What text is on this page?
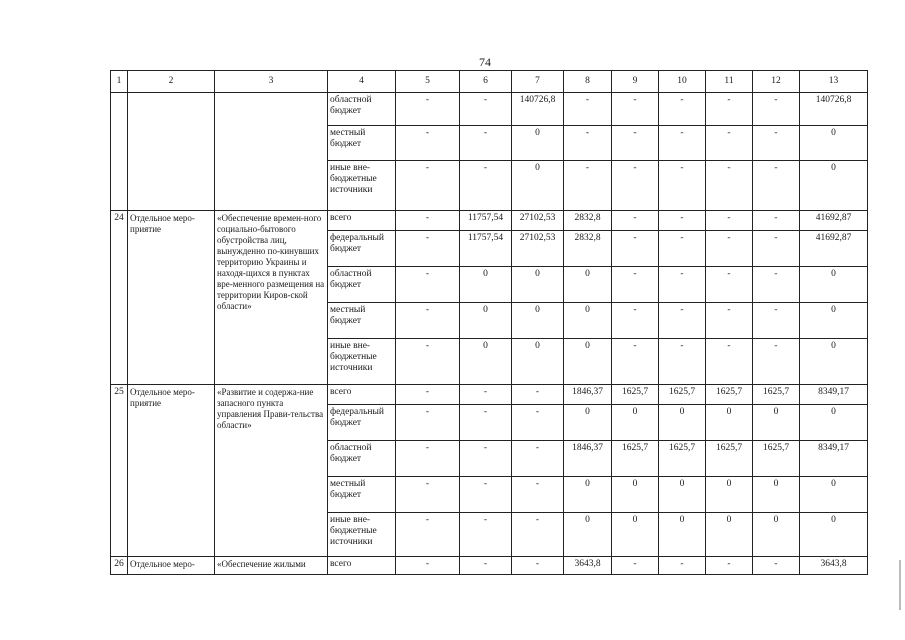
74
1	2	3	4	5	6	7	8	9	10	11	12	13
			областной бюджет	-	-	140726,8	-	-	-	-	-	140726,8
			местный бюджет	-	-	0	-	-	-	-	-	0
			иные вне-бюджетные источники	-	-	0	-	-	-	-	-	0
24	Отдельное меро-приятие	«Обеспечение времен-ного социально-бытового обустройства лиц, вынужденно по-кинувших территорию Украины и находя-щихся в пунктах вре-менного размещения на территории Киров-ской области»	всего	-	11757,54	27102,53	2832,8	-	-	-	-	41692,87
			федеральный бюджет	-	11757,54	27102,53	2832,8	-	-	-	-	41692,87
			областной бюджет	-	0	0	0	-	-	-	-	0
			местный бюджет	-	0	0	0	-	-	-	-	0
			иные вне-бюджетные источники	-	0	0	0	-	-	-	-	0
25	Отдельное меро-приятие	«Развитие и содержа-ние запасного пункта управления Прави-тельства области»	всего	-	-	-	1846,37	1625,7	1625,7	1625,7	1625,7	8349,17
			федеральный бюджет	-	-	-	0	0	0	0	0	0
			областной бюджет	-	-	-	1846,37	1625,7	1625,7	1625,7	1625,7	8349,17
			местный бюджет	-	-	-	0	0	0	0	0	0
			иные вне-бюджетные источники	-	-	-	0	0	0	0	0	0
26	Отдельное меро-	«Обеспечение жилыми	всего	-	-	-	3643,8	-	-	-	-	3643,8
